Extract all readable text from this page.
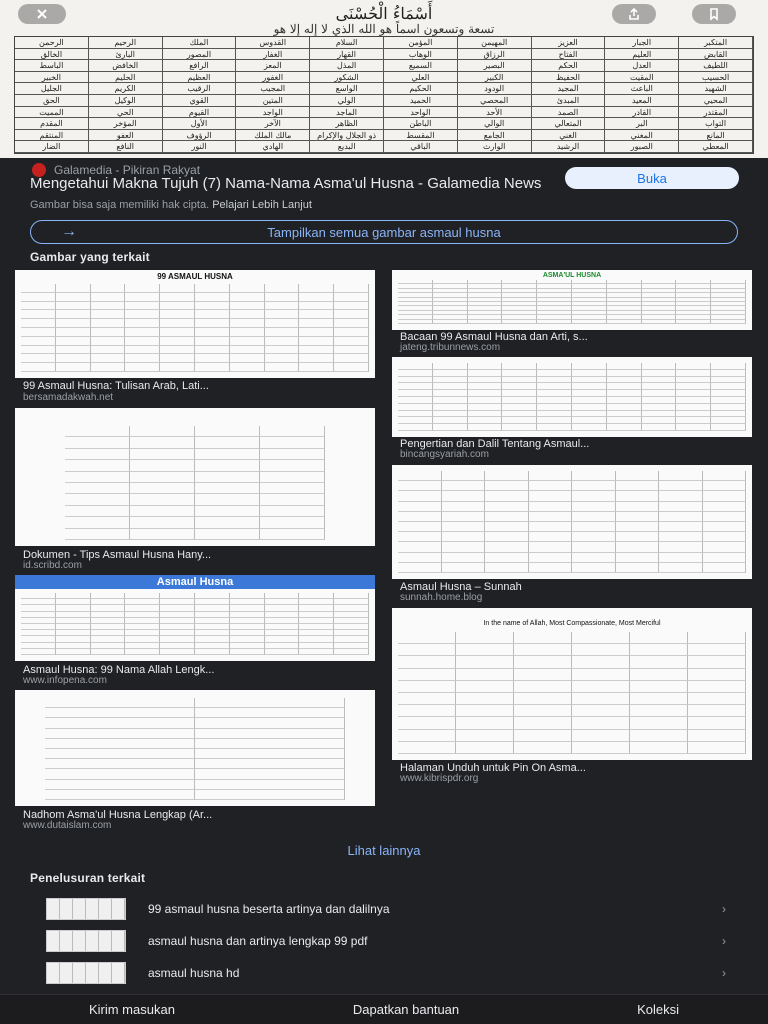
أَسْمَاءُ الْحُسْنَى
تسعة وتسعون اسماً هو الله الذي لا إله إلا هو
الرحمن	الرحيم	الملك	القدوس	السلام	المؤمن	المهيمن	العزيز	الجبار	المتكبر
الخالق	البارئ	المصور	الغفار	القهار	الوهاب	الرزاق	الفتاح	العليم	القابض
الباسط	الخافض	الرافع	المعز	المذل	السميع	البصير	الحكم	العدل	اللطيف
الخبير	الحليم	العظيم	الغفور	الشكور	العلي	الكبير	الحفيظ	المقيت	الحسيب
الجليل	الكريم	الرقيب	المجيب	الواسع	الحكيم	الودود	المجيد	الباعث	الشهيد
الحق	الوكيل	القوي	المتين	الولي	الحميد	المحصي	المبدئ	المعيد	المحيي
المميت	الحي	القيوم	الواجد	الماجد	الواحد	الأحد	الصمد	القادر	المقتدر
المقدم	المؤخر	الأول	الآخر	الظاهر	الباطن	الوالي	المتعالي	البر	التواب
المنتقم	العفو	الرؤوف	مالك الملك	ذو الجلال والإكرام	المقسط	الجامع	الغني	المغني	المانع
الضار	النافع	النور	الهادي	البديع	الباقي	الوارث	الرشيد	الصبور	المعطي
Galamedia - Pikiran Rakyat
Mengetahui Makna Tujuh (7) Nama-Nama Asma'ul Husna - Galamedia News
Gambar bisa saja memiliki hak cipta. Pelajari Lebih Lanjut
Buka
→	Tampilkan semua gambar asmaul husna
Gambar yang terkait
99 ASMAUL HUSNA
99 Asmaul Husna: Tulisan Arab, Lati...
bersamadakwah.net
ASMA'UL HUSNA
Bacaan 99 Asmaul Husna dan Arti, s...
jateng.tribunnews.com
Pengertian dan Dalil Tentang Asmaul...
bincangsyariah.com
Dokumen - Tips Asmaul Husna Hany...
id.scribd.com
Asmaul Husna – Sunnah
sunnah.home.blog
Asmaul Husna
Asmaul Husna: 99 Nama Allah Lengk...
www.infopena.com
In the name of Allah, Most Compassionate, Most Merciful
Halaman Unduh untuk Pin On Asma...
www.kibrispdr.org
Nadhom Asma'ul Husna Lengkap (Ar...
www.dutaislam.com
Lihat lainnya
Penelusuran terkait
99 asmaul husna beserta artinya dan dalilnya	›
asmaul husna dan artinya lengkap 99 pdf	›
asmaul husna hd	›
Kirim masukan	Dapatkan bantuan	Koleksi
